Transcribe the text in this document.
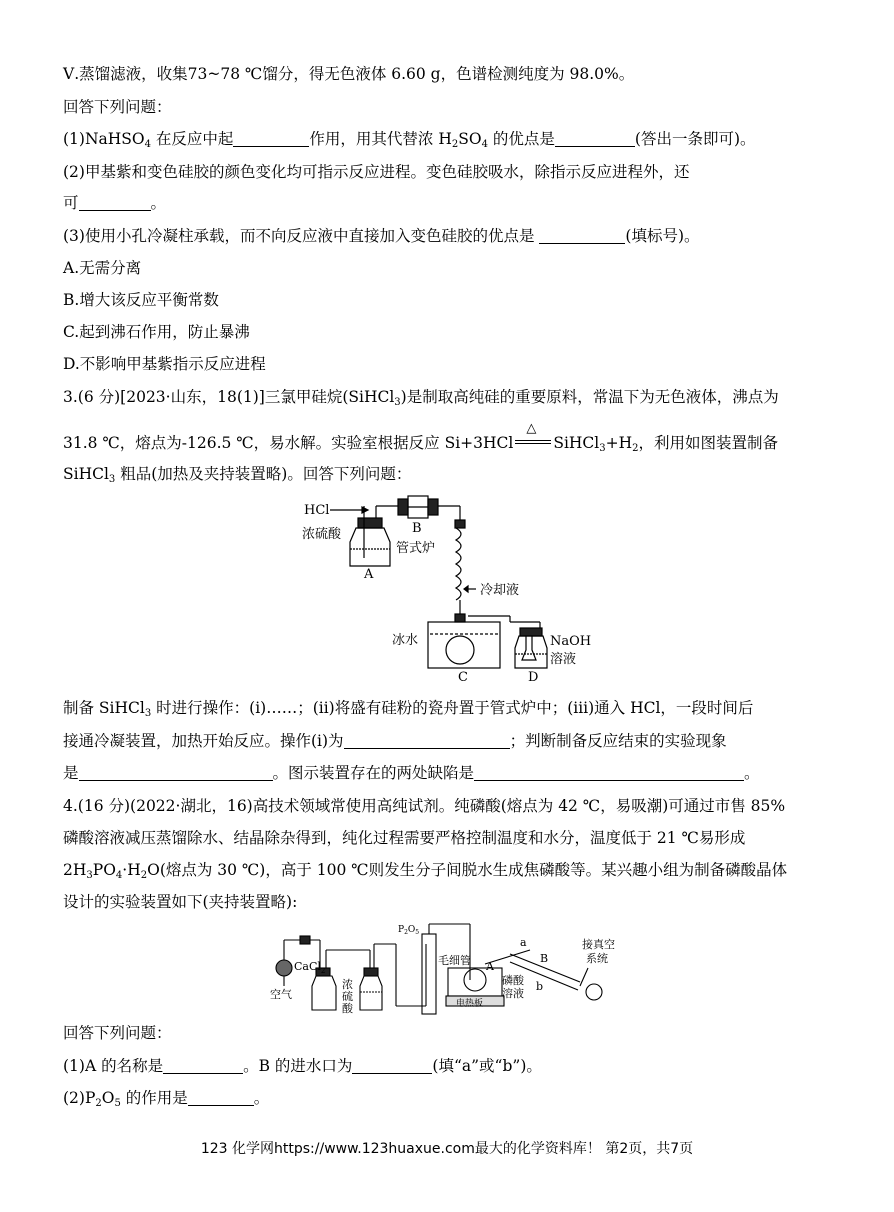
Ⅴ.蒸馏滤液，收集73~78 ℃馏分，得无色液体 6.60 g，色谱检测纯度为 98.0%。
回答下列问题：
(1)NaHSO$_4$ 在反应中起	作用，用其代替浓 $H_2SO_4$ 的优点是	(答出一条即可)。
(2)甲基紫和变色硅胶的颜色变化均可指示反应进程。变色硅胶吸水，除指示反应进程外，还
可	。
(3)使用小孔冷凝柱承载，而不向反应液中直接加入变色硅胶的优点是	(填标号)。
A.无需分离
B.增大该反应平衡常数
C.起到沸石作用，防止暴沸
D.不影响甲基紫指示反应进程
3.(6 分)[2023·山东，18(1)]三氯甲硅烷(SiHCl$_3$)是制取高纯硅的重要原料，常温下为无色液体，沸点为
31.8 ℃，熔点为-126.5 ℃，易水解。实验室根据反应 Si+3HCl
△
$SiHCl_3+H_2$，利用如图装置制备
SiHCl$_3$ 粗品(加热及夹持装置略)。回答下列问题：
HCl
浓硫酸
A
B
管式炉
冷却液
冰水
C	D
NaOH
溶液
制备 SiHCl$_3$ 时进行操作：(ⅰ)……；(ⅱ)将盛有硅粉的瓷舟置于管式炉中；(ⅲ)通入 HCl，一段时间后
接通冷凝装置，加热开始反应。操作(ⅰ)为	；判断制备反应结束的实验现象
是	。图示装置存在的两处缺陷是	。
4.(16 分)(2022·湖北，16)高技术领域常使用高纯试剂。纯磷酸(熔点为 42 ℃，易吸潮)可通过市售 85%
磷酸溶液减压蒸馏除水、结晶除杂得到，纯化过程需要严格控制温度和水分，温度低于 21 ℃易形成
$2H_3PO_4\cdot H_2O$(熔点为 30 ℃)，高于 100 ℃则发生分子间脱水生成焦磷酸等。某兴趣小组为制备磷酸晶体
设计的实验装置如下(夹持装置略):
空气
CaCl$_2$
浓
硫
酸
$P_2O_5$
毛细管 A
磷酸
溶液
电热板
a
B
b
接真空
系统
回答下列问题：
(1)A 的名称是	。B 的进水口为	(填“a”或“b”)。
$(2)P_2O_5$ 的作用是	。
123 化学网https://www.123huaxue.com最大的化学资料库！ 第2页，共7页
